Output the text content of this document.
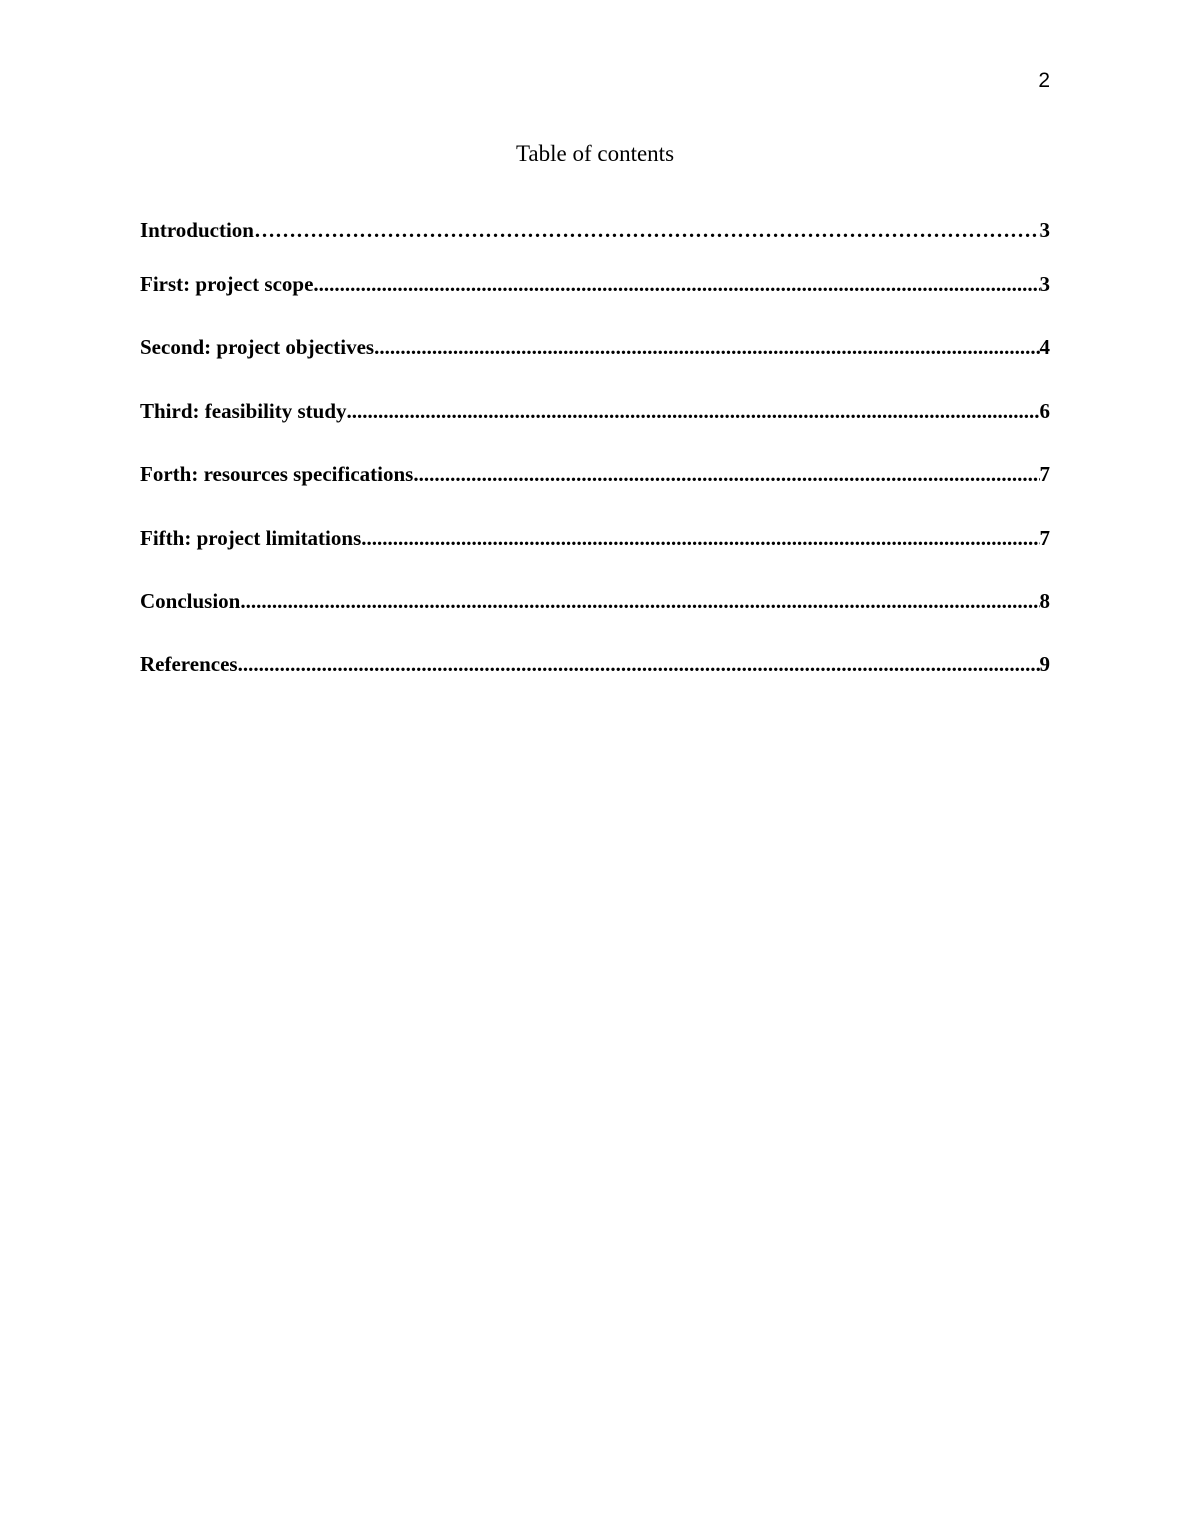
2
Table of contents
Introduction …………………………………………………………………………………………………………………………………………………………………………	3
First: project scope .....	3
Second: project objectives .....	4
Third: feasibility study .....	6
Forth: resources specifications .....	7
Fifth: project limitations .....	7
Conclusion .....	8
References .....	9
